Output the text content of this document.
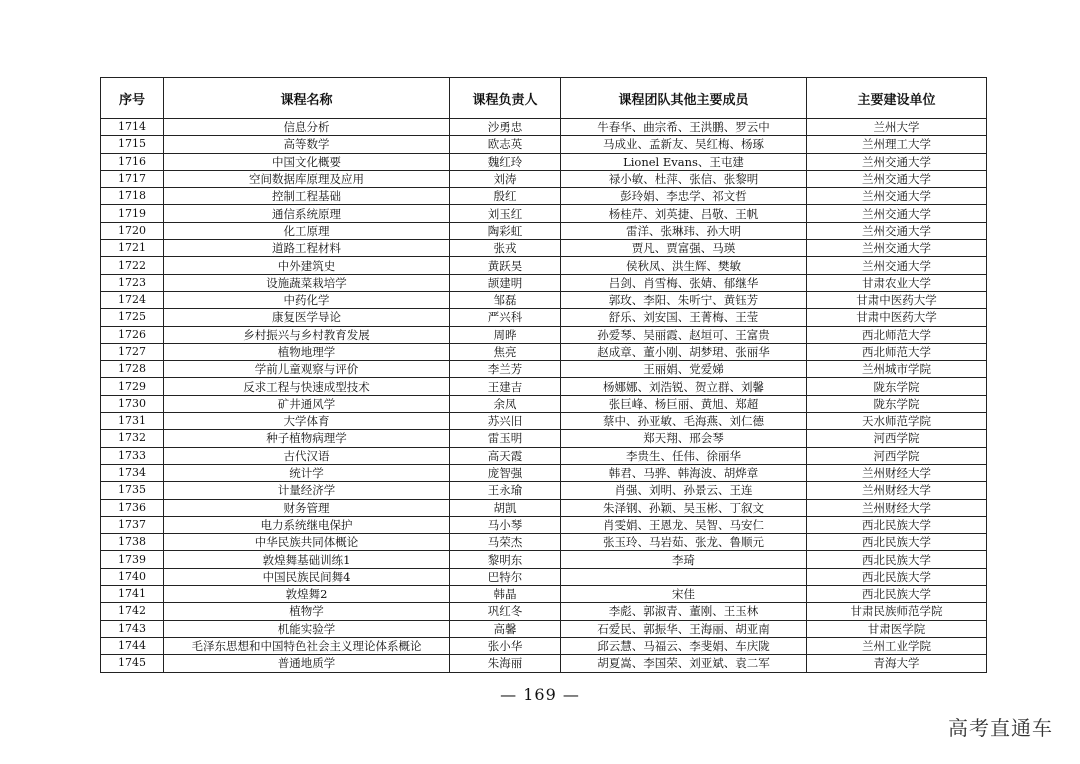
序号	课程名称	课程负责人	课程团队其他主要成员	主要建设单位
1714	信息分析	沙勇忠	牛春华、曲宗希、王洪鹏、罗云中	兰州大学
1715	高等数学	欧志英	马成业、孟新友、吴红梅、杨琢	兰州理工大学
1716	中国文化概要	魏红玲	Lionel Evans、王屯建	兰州交通大学
1717	空间数据库原理及应用	刘涛	禄小敏、杜萍、张信、张黎明	兰州交通大学
1718	控制工程基础	殷红	彭玲娟、李忠学、祁文哲	兰州交通大学
1719	通信系统原理	刘玉红	杨桂芹、刘英捷、吕敬、王帆	兰州交通大学
1720	化工原理	陶彩虹	雷洋、张琳玮、孙大明	兰州交通大学
1721	道路工程材料	张戎	贾凡、贾富强、马瑛	兰州交通大学
1722	中外建筑史	黄跃昊	侯秋凤、洪生辉、樊敏	兰州交通大学
1723	设施蔬菜栽培学	颉建明	吕剑、肖雪梅、张婧、郁继华	甘肃农业大学
1724	中药化学	邹磊	郭玫、李阳、朱听宁、黄钰芳	甘肃中医药大学
1725	康复医学导论	严兴科	舒乐、刘安国、王菁梅、王莹	甘肃中医药大学
1726	乡村振兴与乡村教育发展	周晔	孙爱琴、吴丽霞、赵垣可、王富贵	西北师范大学
1727	植物地理学	焦亮	赵成章、董小刚、胡梦珺、张丽华	西北师范大学
1728	学前儿童观察与评价	李兰芳	王丽娟、党爱娣	兰州城市学院
1729	反求工程与快速成型技术	王建吉	杨娜娜、刘浩锐、贺立群、刘馨	陇东学院
1730	矿井通风学	余凤	张巨峰、杨巨丽、黄旭、郑超	陇东学院
1731	大学体育	苏兴旧	蔡中、孙亚敏、毛海燕、刘仁德	天水师范学院
1732	种子植物病理学	雷玉明	郑天翔、邢会琴	河西学院
1733	古代汉语	高天霞	李贵生、任伟、徐丽华	河西学院
1734	统计学	庞智强	韩君、马骅、韩海波、胡烨章	兰州财经大学
1735	计量经济学	王永瑜	肖强、刘明、孙景云、王连	兰州财经大学
1736	财务管理	胡凯	朱泽钢、孙颖、吴玉彬、丁叙文	兰州财经大学
1737	电力系统继电保护	马小琴	肖雯娟、王恩龙、吴智、马安仁	西北民族大学
1738	中华民族共同体概论	马荣杰	张玉玲、马岩茹、张龙、鲁顺元	西北民族大学
1739	敦煌舞基础训练1	黎明东	李琦	西北民族大学
1740	中国民族民间舞4	巴特尔		西北民族大学
1741	敦煌舞2	韩晶	宋佳	西北民族大学
1742	植物学	巩红冬	李彪、郭淑青、董刚、王玉林	甘肃民族师范学院
1743	机能实验学	高馨	石爱民、郭振华、王海丽、胡亚南	甘肃医学院
1744	毛泽东思想和中国特色社会主义理论体系概论	张小华	邱云慧、马福云、李斐娟、车庆陇	兰州工业学院
1745	普通地质学	朱海丽	胡夏嵩、李国荣、刘亚斌、袁二军	青海大学
— 169 —
高考直通车
